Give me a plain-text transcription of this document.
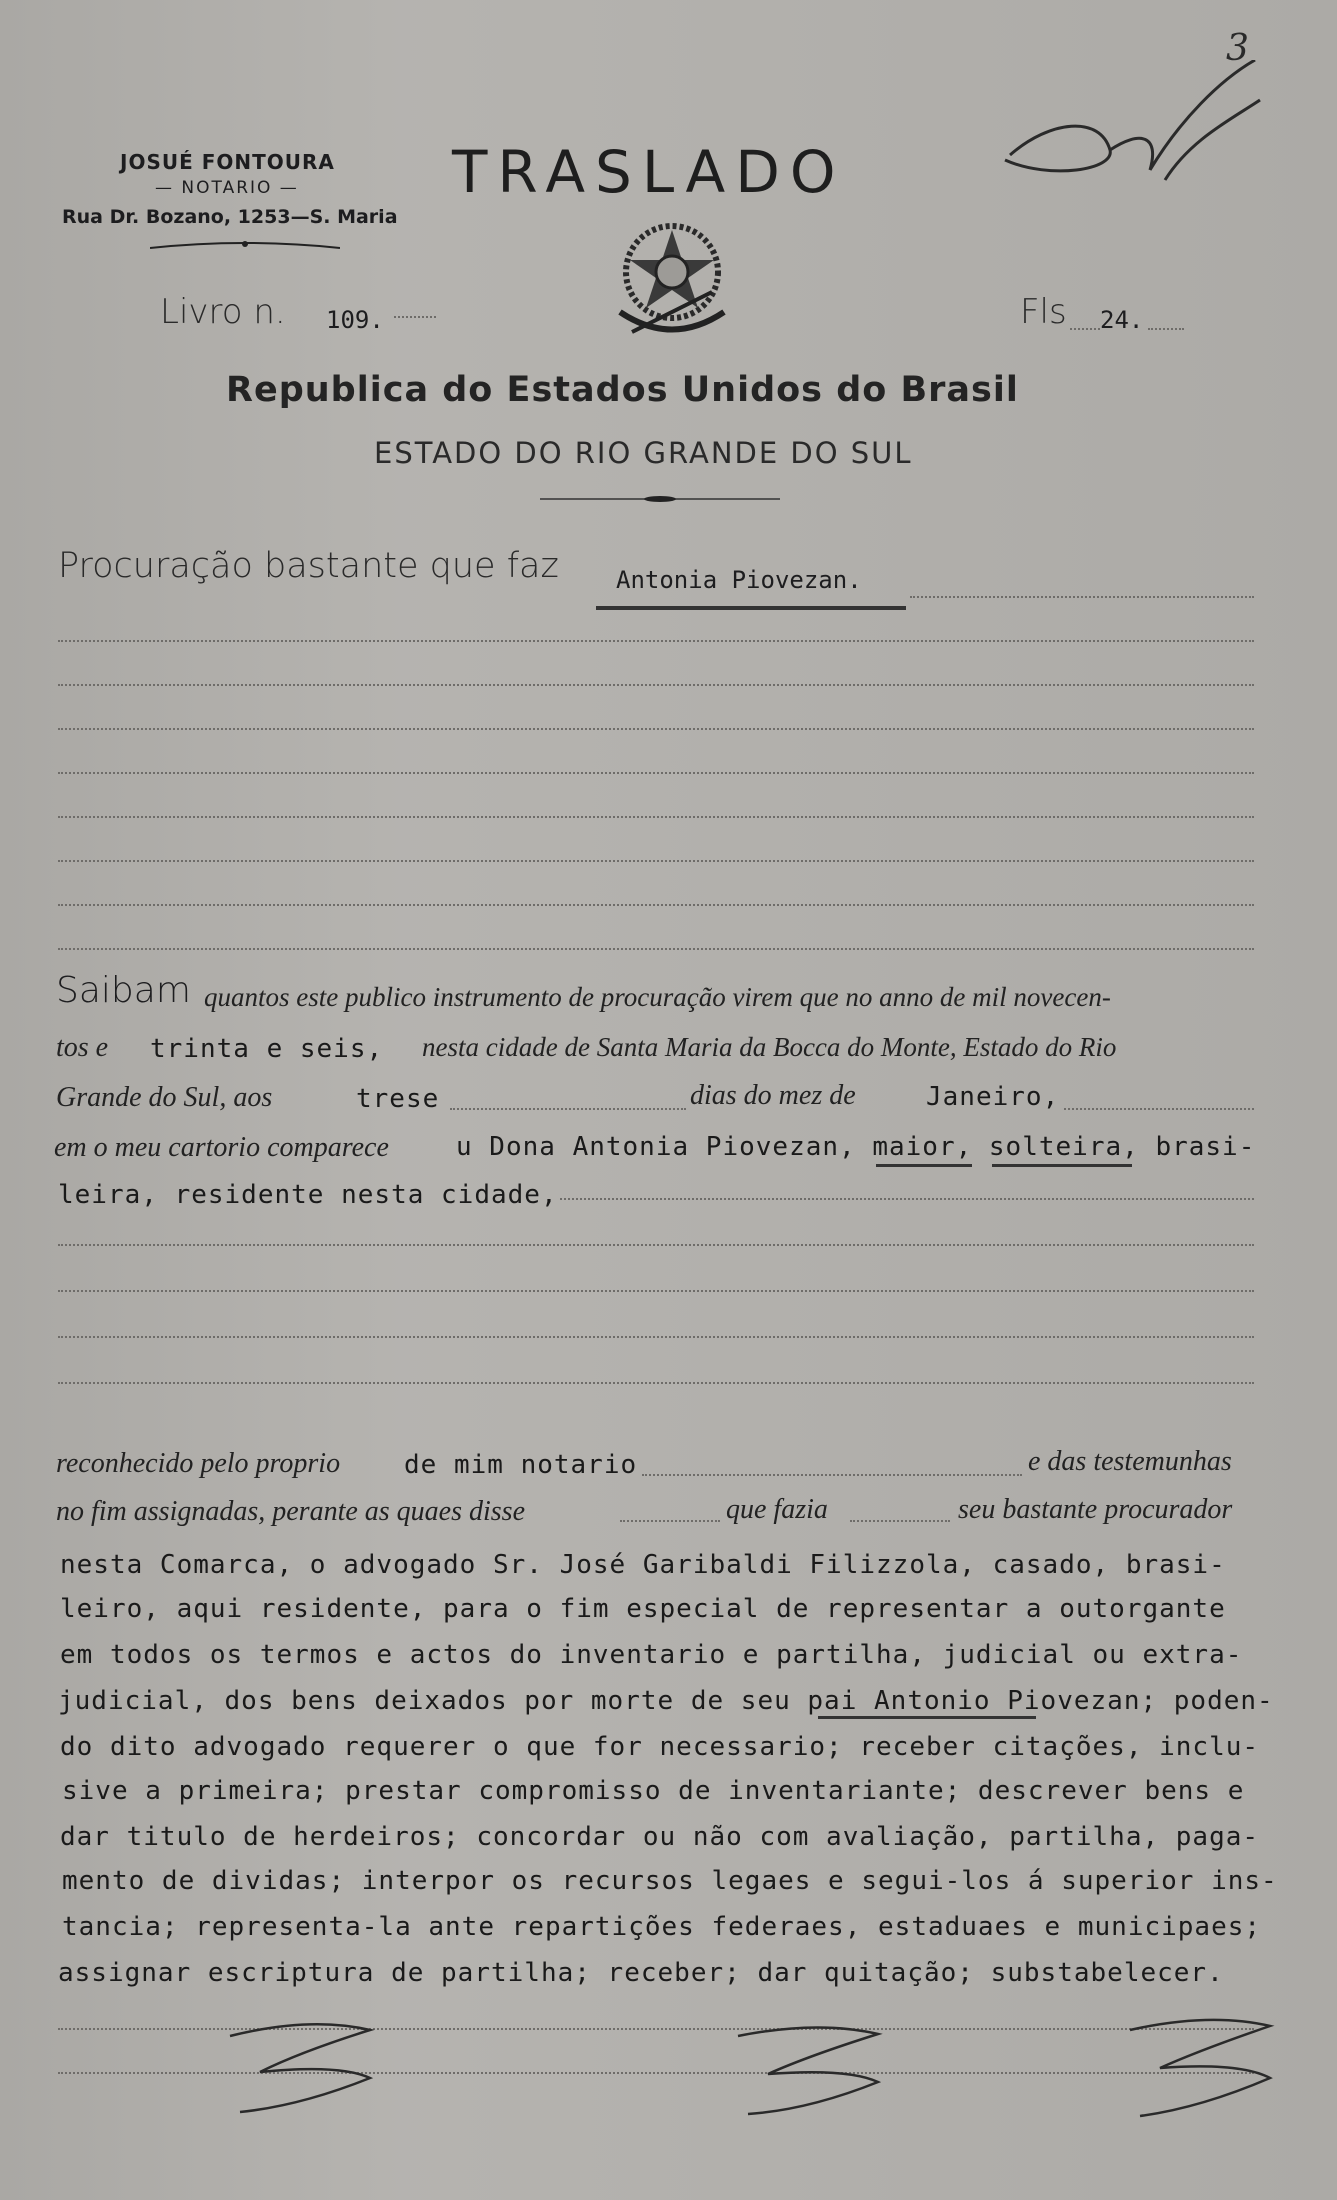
3
JOSUÉ FONTOURA
— NOTARIO —
Rua Dr. Bozano, 1253—S. Maria
TRASLADO
Livro n. 109.	Fls 24.
Republica do Estados Unidos do Brasil
ESTADO DO RIO GRANDE DO SUL
Procuração bastante que faz Antonia Piovezan.
Saibam quantos este publico instrumento de procuração virem que no anno de mil novecen-
tos e trinta e seis, nesta cidade de Santa Maria da Bocca do Monte, Estado do Rio
Grande do Sul, aos	trese	dias do mez de	Janeiro,
em o meu cartorio comparece	u Dona Antonia Piovezan, maior, solteira, brasi-
leira, residente nesta cidade,
reconhecido pelo proprio de mim notario	e das testemunhas
no fim assignadas, perante as quaes disse	que fazia	seu bastante procurador
nesta Comarca, o advogado Sr. José Garibaldi Filizzola, casado, brasi-
leiro, aqui residente, para o fim especial de representar a outorgante
em todos os termos e actos do inventario e partilha, judicial ou extra-
judicial, dos bens deixados por morte de seu pai Antonio Piovezan; poden-
do dito advogado requerer o que for necessario; receber citações, inclu-
sive a primeira; prestar compromisso de inventariante; descrever bens e
dar titulo de herdeiros; concordar ou não com avaliação, partilha, paga-
mento de dividas; interpor os recursos legaes e segui-los á superior ins-
tancia; representa-la ante repartições federaes, estaduaes e municipaes;
assignar escriptura de partilha; receber; dar quitação; substabelecer.
